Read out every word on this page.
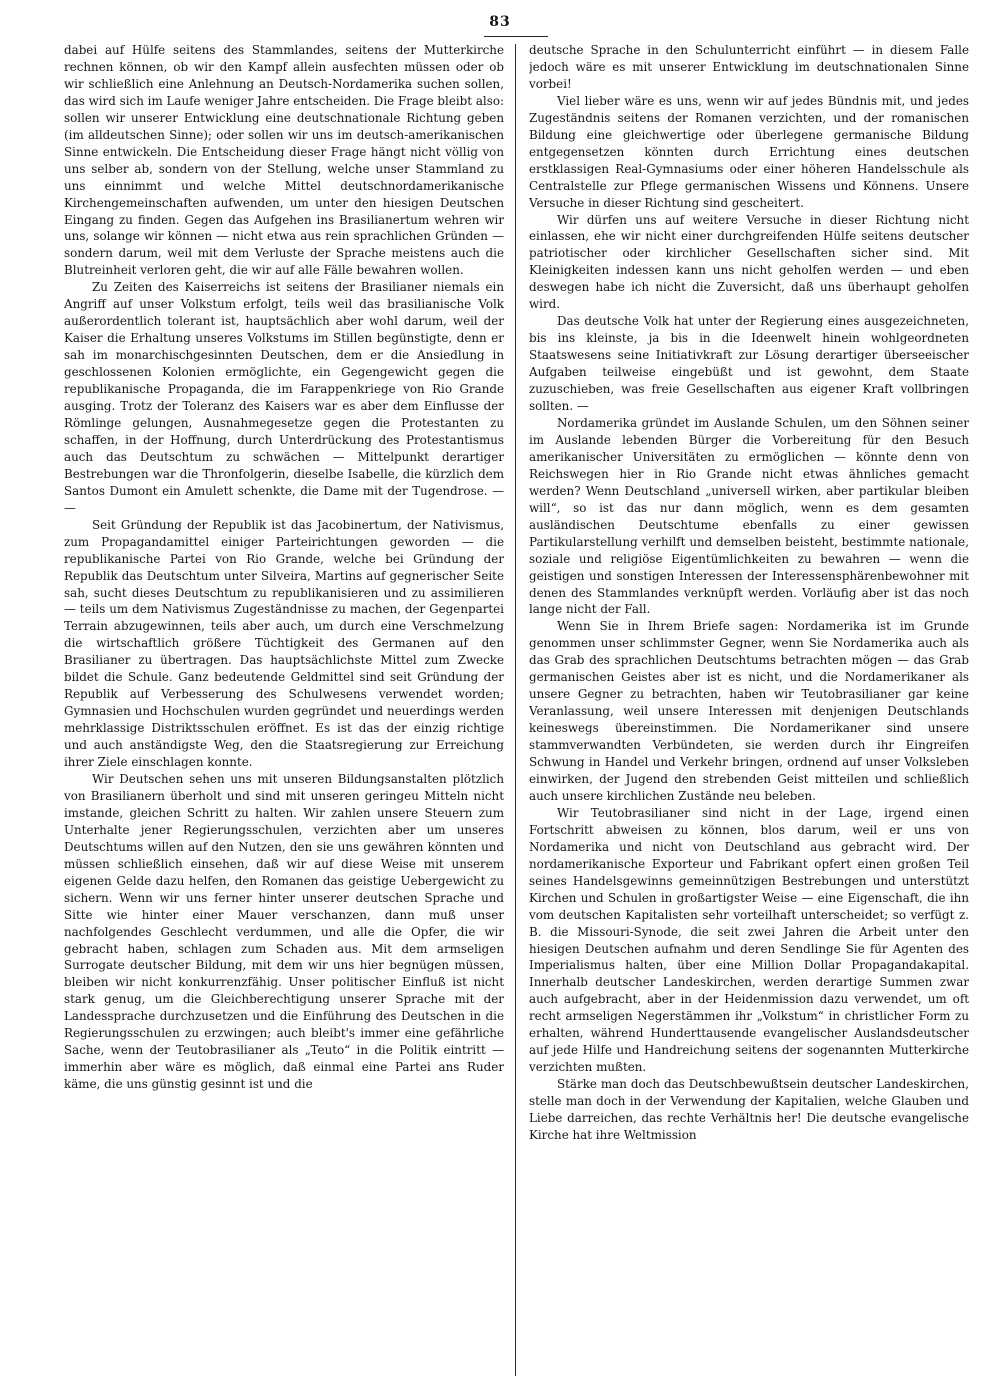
83

dabei auf Hülfe seitens des Stammlandes, seitens der Mutterkirche rechnen können, ob wir den Kampf allein ausfechten müssen oder ob wir schließlich eine Anlehnung an Deutsch-Nordamerika suchen sollen, das wird sich im Laufe weniger Jahre entscheiden. Die Frage bleibt also: sollen wir unserer Entwicklung eine deutschnationale Richtung geben (im alldeutschen Sinne); oder sollen wir uns im deutsch-amerikanischen Sinne entwickeln. Die Entscheidung dieser Frage hängt nicht völlig von uns selber ab, sondern von der Stellung, welche unser Stammland zu uns einnimmt und welche Mittel deutschnordamerikanische Kirchengemeinschaften aufwenden, um unter den hiesigen Deutschen Eingang zu finden. Gegen das Aufgehen ins Brasilianertum wehren wir uns, solange wir können — nicht etwa aus rein sprachlichen Gründen — sondern darum, weil mit dem Verluste der Sprache meistens auch die Blutreinheit verloren geht, die wir auf alle Fälle bewahren wollen.

Zu Zeiten des Kaiserreichs ist seitens der Brasilianer niemals ein Angriff auf unser Volkstum erfolgt, teils weil das brasilianische Volk außerordentlich tolerant ist, hauptsächlich aber wohl darum, weil der Kaiser die Erhaltung unseres Volkstums im Stillen begünstigte, denn er sah im monarchischgesinnten Deutschen, dem er die Ansiedlung in geschlossenen Kolonien ermöglichte, ein Gegengewicht gegen die republikanische Propaganda, die im Farappenkriege von Rio Grande ausging. Trotz der Toleranz des Kaisers war es aber dem Einflusse der Römlinge gelungen, Ausnahmegesetze gegen die Protestanten zu schaffen, in der Hoffnung, durch Unterdrückung des Protestantismus auch das Deutschtum zu schwächen — Mittelpunkt derartiger Bestrebungen war die Thronfolgerin, dieselbe Isabelle, die kürzlich dem Santos Dumont ein Amulett schenkte, die Dame mit der Tugendrose. — —

Seit Gründung der Republik ist das Jacobinertum, der Nativismus, zum Propagandamittel einiger Parteirichtungen geworden — die republikanische Partei von Rio Grande, welche bei Gründung der Republik das Deutschtum unter Silveira, Martins auf gegnerischer Seite sah, sucht dieses Deutschtum zu republikanisieren und zu assimilieren — teils um dem Nativismus Zugeständnisse zu machen, der Gegenpartei Terrain abzugewinnen, teils aber auch, um durch eine Verschmelzung die wirtschaftlich größere Tüchtigkeit des Germanen auf den Brasilianer zu übertragen. Das hauptsächlichste Mittel zum Zwecke bildet die Schule. Ganz bedeutende Geldmittel sind seit Gründung der Republik auf Verbesserung des Schulwesens verwendet worden; Gymnasien und Hochschulen wurden gegründet und neuerdings werden mehrklassige Distriktsschulen eröffnet. Es ist das der einzig richtige und auch anständigste Weg, den die Staatsregierung zur Erreichung ihrer Ziele einschlagen konnte.

Wir Deutschen sehen uns mit unseren Bildungsanstalten plötzlich von Brasilianern überholt und sind mit unseren geringeu Mitteln nicht imstande, gleichen Schritt zu halten. Wir zahlen unsere Steuern zum Unterhalte jener Regierungsschulen, verzichten aber um unseres Deutschtums willen auf den Nutzen, den sie uns gewähren könnten und müssen schließlich einsehen, daß wir auf diese Weise mit unserem eigenen Gelde dazu helfen, den Romanen das geistige Uebergewicht zu sichern. Wenn wir uns ferner hinter unserer deutschen Sprache und Sitte wie hinter einer Mauer verschanzen, dann muß unser nachfolgendes Geschlecht verdummen, und alle die Opfer, die wir gebracht haben, schlagen zum Schaden aus. Mit dem armseligen Surrogate deutscher Bildung, mit dem wir uns hier begnügen müssen, bleiben wir nicht konkurrenzfähig. Unser politischer Einfluß ist nicht stark genug, um die Gleichberechtigung unserer Sprache mit der Landessprache durchzusetzen und die Einführung des Deutschen in die Regierungsschulen zu erzwingen; auch bleibt's immer eine gefährliche Sache, wenn der Teutobrasilianer als „Teuto“ in die Politik eintritt — immerhin aber wäre es möglich, daß einmal eine Partei ans Ruder käme, die uns günstig gesinnt ist und die

deutsche Sprache in den Schulunterricht einführt — in diesem Falle jedoch wäre es mit unserer Entwicklung im deutschnationalen Sinne vorbei!

Viel lieber wäre es uns, wenn wir auf jedes Bündnis mit, und jedes Zugeständnis seitens der Romanen verzichten, und der romanischen Bildung eine gleichwertige oder überlegene germanische Bildung entgegensetzen könnten durch Errichtung eines deutschen erstklassigen Real-Gymnasiums oder einer höheren Handelsschule als Centralstelle zur Pflege germanischen Wissens und Könnens. Unsere Versuche in dieser Richtung sind gescheitert.

Wir dürfen uns auf weitere Versuche in dieser Richtung nicht einlassen, ehe wir nicht einer durchgreifenden Hülfe seitens deutscher patriotischer oder kirchlicher Gesellschaften sicher sind. Mit Kleinigkeiten indessen kann uns nicht geholfen werden — und eben deswegen habe ich nicht die Zuversicht, daß uns überhaupt geholfen wird.

Das deutsche Volk hat unter der Regierung eines ausgezeichneten, bis ins kleinste, ja bis in die Ideenwelt hinein wohlgeordneten Staatswesens seine Initiativkraft zur Lösung derartiger überseeischer Aufgaben teilweise eingebüßt und ist gewohnt, dem Staate zuzuschieben, was freie Gesellschaften aus eigener Kraft vollbringen sollten. —

Nordamerika gründet im Auslande Schulen, um den Söhnen seiner im Auslande lebenden Bürger die Vorbereitung für den Besuch amerikanischer Universitäten zu ermöglichen — könnte denn von Reichswegen hier in Rio Grande nicht etwas ähnliches gemacht werden? Wenn Deutschland „universell wirken, aber partikular bleiben will“, so ist das nur dann möglich, wenn es dem gesamten ausländischen Deutschtume ebenfalls zu einer gewissen Partikularstellung verhilft und demselben beisteht, bestimmte nationale, soziale und religiöse Eigentümlichkeiten zu bewahren — wenn die geistigen und sonstigen Interessen der Interessensphärenbewohner mit denen des Stammlandes verknüpft werden. Vorläufig aber ist das noch lange nicht der Fall.

Wenn Sie in Ihrem Briefe sagen: Nordamerika ist im Grunde genommen unser schlimmster Gegner, wenn Sie Nordamerika auch als das Grab des sprachlichen Deutschtums betrachten mögen — das Grab germanischen Geistes aber ist es nicht, und die Nordamerikaner als unsere Gegner zu betrachten, haben wir Teutobrasilianer gar keine Veranlassung, weil unsere Interessen mit denjenigen Deutschlands keineswegs übereinstimmen. Die Nordamerikaner sind unsere stammverwandten Verbündeten, sie werden durch ihr Eingreifen Schwung in Handel und Verkehr bringen, ordnend auf unser Volksleben einwirken, der Jugend den strebenden Geist mitteilen und schließlich auch unsere kirchlichen Zustände neu beleben.

Wir Teutobrasilianer sind nicht in der Lage, irgend einen Fortschritt abweisen zu können, blos darum, weil er uns von Nordamerika und nicht von Deutschland aus gebracht wird. Der nordamerikanische Exporteur und Fabrikant opfert einen großen Teil seines Handelsgewinns gemeinnützigen Bestrebungen und unterstützt Kirchen und Schulen in großartigster Weise — eine Eigenschaft, die ihn vom deutschen Kapitalisten sehr vorteilhaft unterscheidet; so verfügt z. B. die Missouri-Synode, die seit zwei Jahren die Arbeit unter den hiesigen Deutschen aufnahm und deren Sendlinge Sie für Agenten des Imperialismus halten, über eine Million Dollar Propagandakapital. Innerhalb deutscher Landeskirchen, werden derartige Summen zwar auch aufgebracht, aber in der Heidenmission dazu verwendet, um oft recht armseligen Negerstämmen ihr „Volkstum“ in christlicher Form zu erhalten, während Hunderttausende evangelischer Auslandsdeutscher auf jede Hilfe und Handreichung seitens der sogenannten Mutterkirche verzichten mußten.

Stärke man doch das Deutschbewußtsein deutscher Landeskirchen, stelle man doch in der Verwendung der Kapitalien, welche Glauben und Liebe darreichen, das rechte Verhältnis her! Die deutsche evangelische Kirche hat ihre Weltmission
